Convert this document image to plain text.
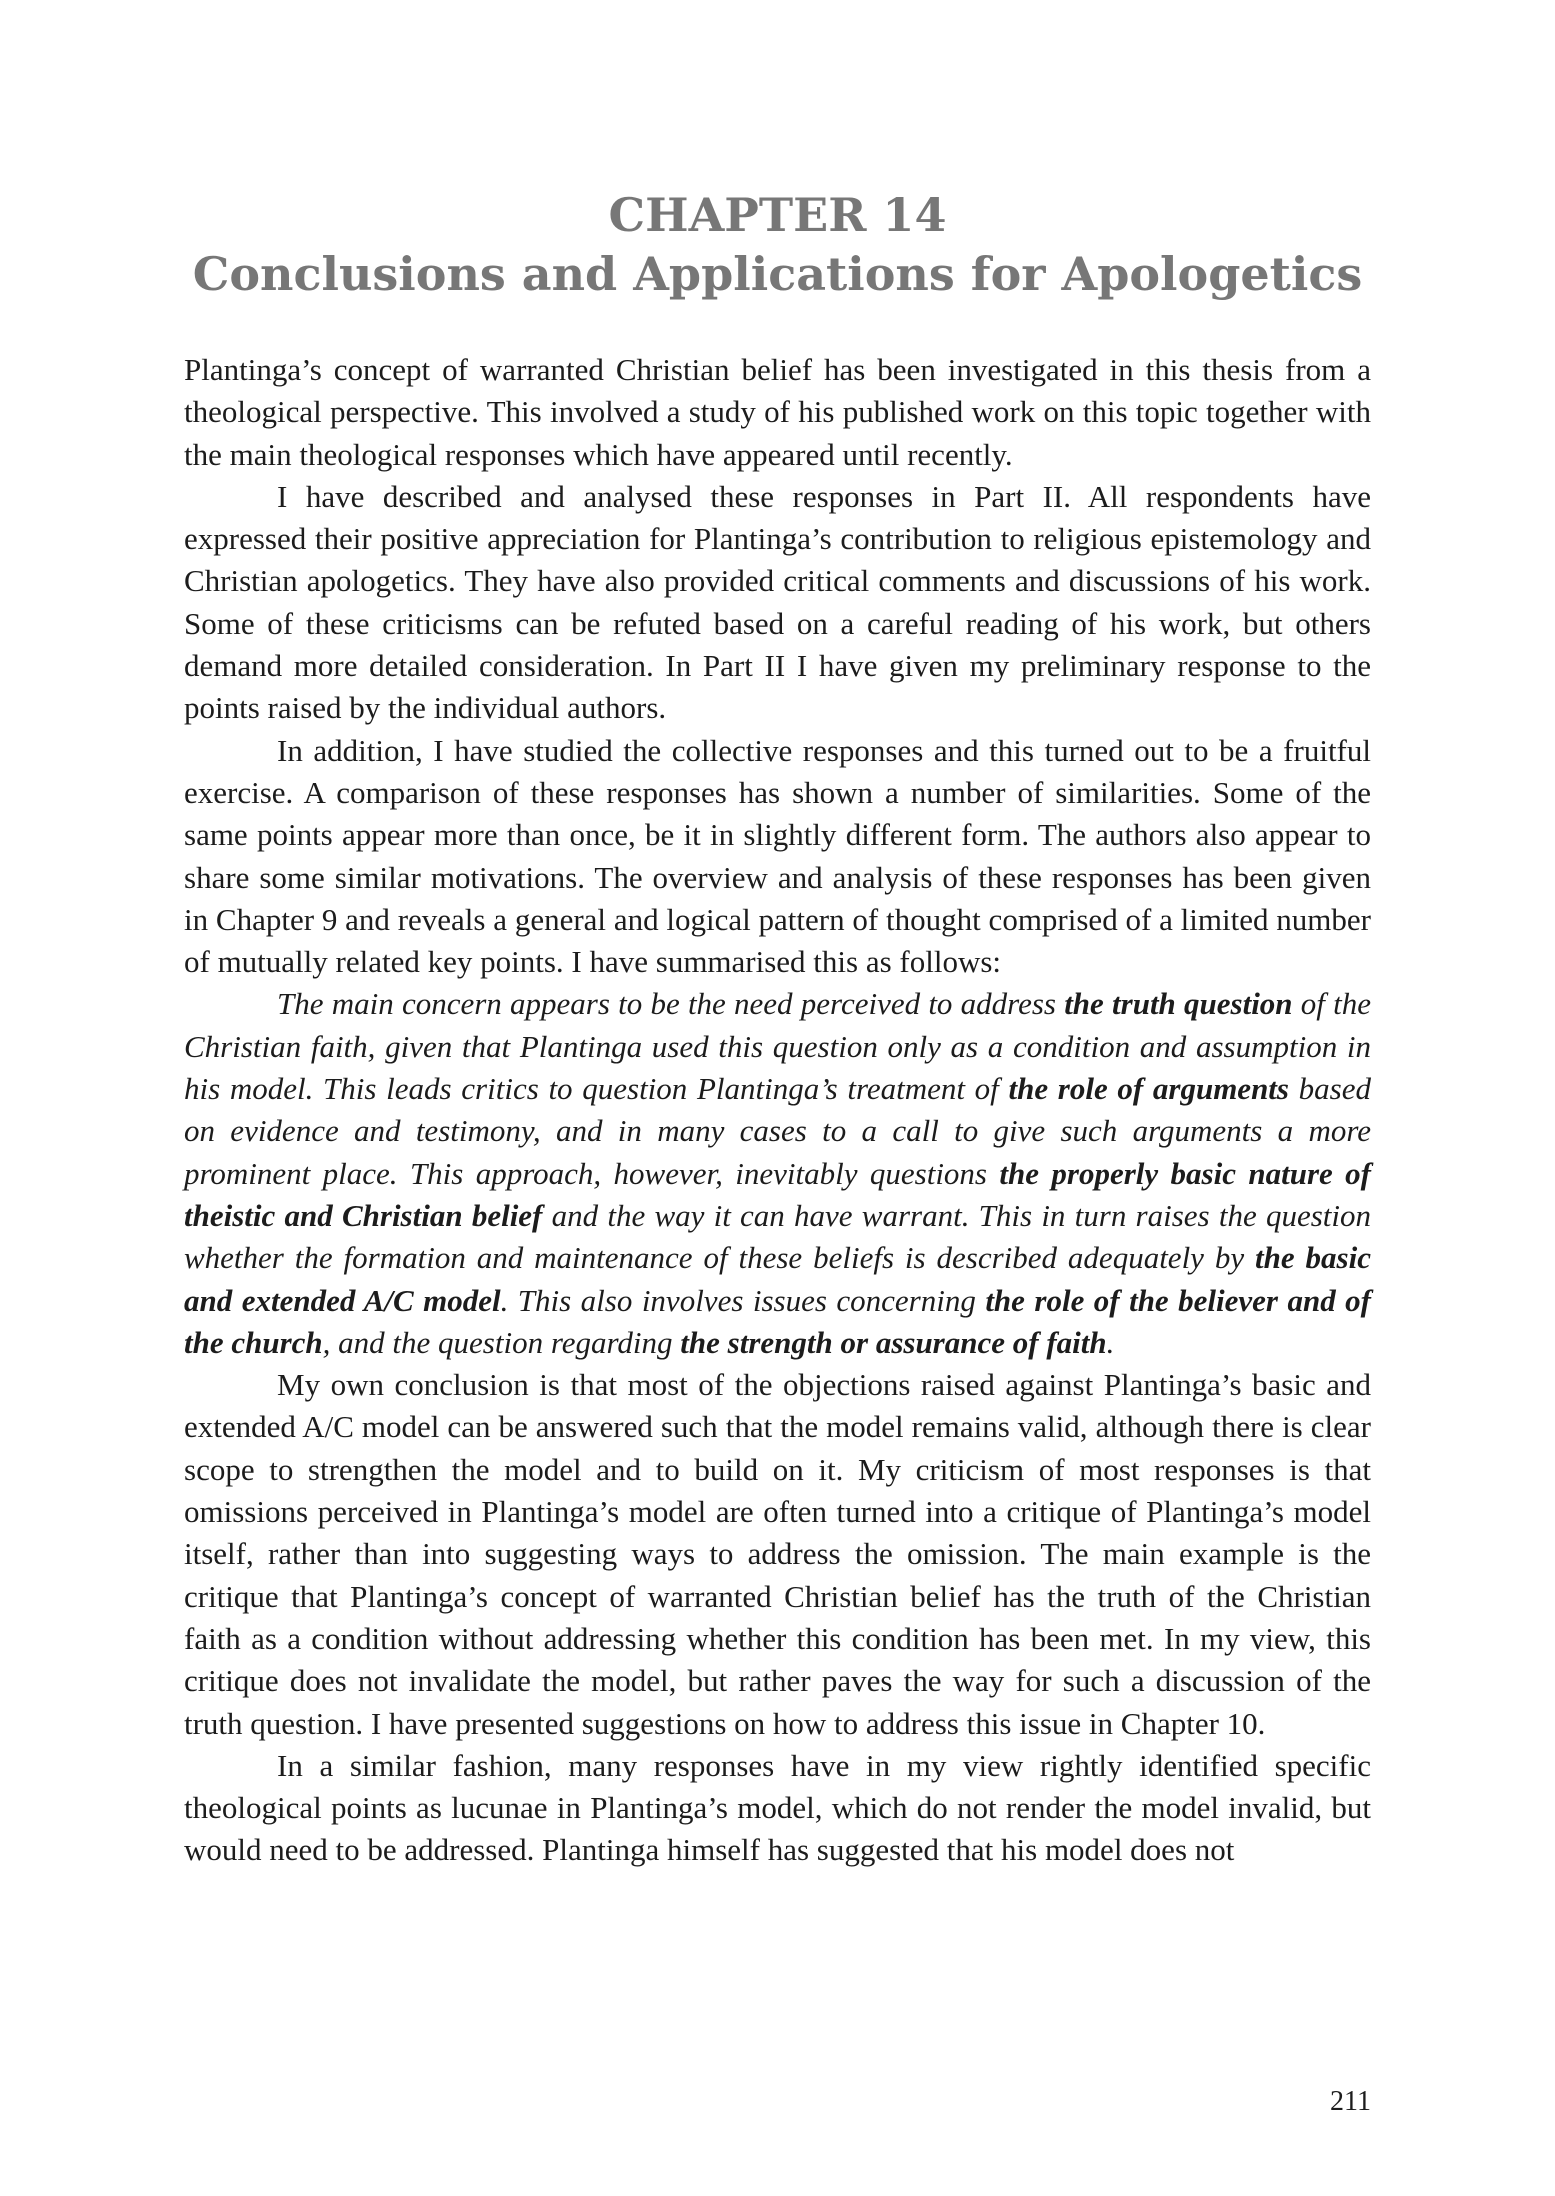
CHAPTER 14
Conclusions and Applications for Apologetics

Plantinga’s concept of warranted Christian belief has been investigated in this thesis from a theological perspective. This involved a study of his published work on this topic together with the main theological responses which have appeared until recently.

I have described and analysed these responses in Part II. All respondents have expressed their positive appreciation for Plantinga’s contribution to religious epistemology and Christian apologetics. They have also provided critical comments and discussions of his work. Some of these criticisms can be refuted based on a careful reading of his work, but others demand more detailed consideration. In Part II I have given my preliminary response to the points raised by the individual authors.

In addition, I have studied the collective responses and this turned out to be a fruitful exercise. A comparison of these responses has shown a number of similarities. Some of the same points appear more than once, be it in slightly different form. The authors also appear to share some similar motivations. The overview and analysis of these responses has been given in Chapter 9 and reveals a general and logical pattern of thought comprised of a limited number of mutually related key points. I have summarised this as follows:

The main concern appears to be the need perceived to address the truth question of the Christian faith, given that Plantinga used this question only as a condition and assumption in his model. This leads critics to question Plantinga’s treatment of the role of arguments based on evidence and testimony, and in many cases to a call to give such arguments a more prominent place. This approach, however, inevitably questions the properly basic nature of theistic and Christian belief and the way it can have warrant. This in turn raises the question whether the formation and maintenance of these beliefs is described adequately by the basic and extended A/C model. This also involves issues concerning the role of the believer and of the church, and the question regarding the strength or assurance of faith.

My own conclusion is that most of the objections raised against Plantinga’s basic and extended A/C model can be answered such that the model remains valid, although there is clear scope to strengthen the model and to build on it. My criticism of most responses is that omissions perceived in Plantinga’s model are often turned into a critique of Plantinga’s model itself, rather than into suggesting ways to address the omission. The main example is the critique that Plantinga’s concept of warranted Christian belief has the truth of the Christian faith as a condition without addressing whether this condition has been met. In my view, this critique does not invalidate the model, but rather paves the way for such a discussion of the truth question. I have presented suggestions on how to address this issue in Chapter 10.

In a similar fashion, many responses have in my view rightly identified specific theological points as lucunae in Plantinga’s model, which do not render the model invalid, but would need to be addressed. Plantinga himself has suggested that his model does not

211
